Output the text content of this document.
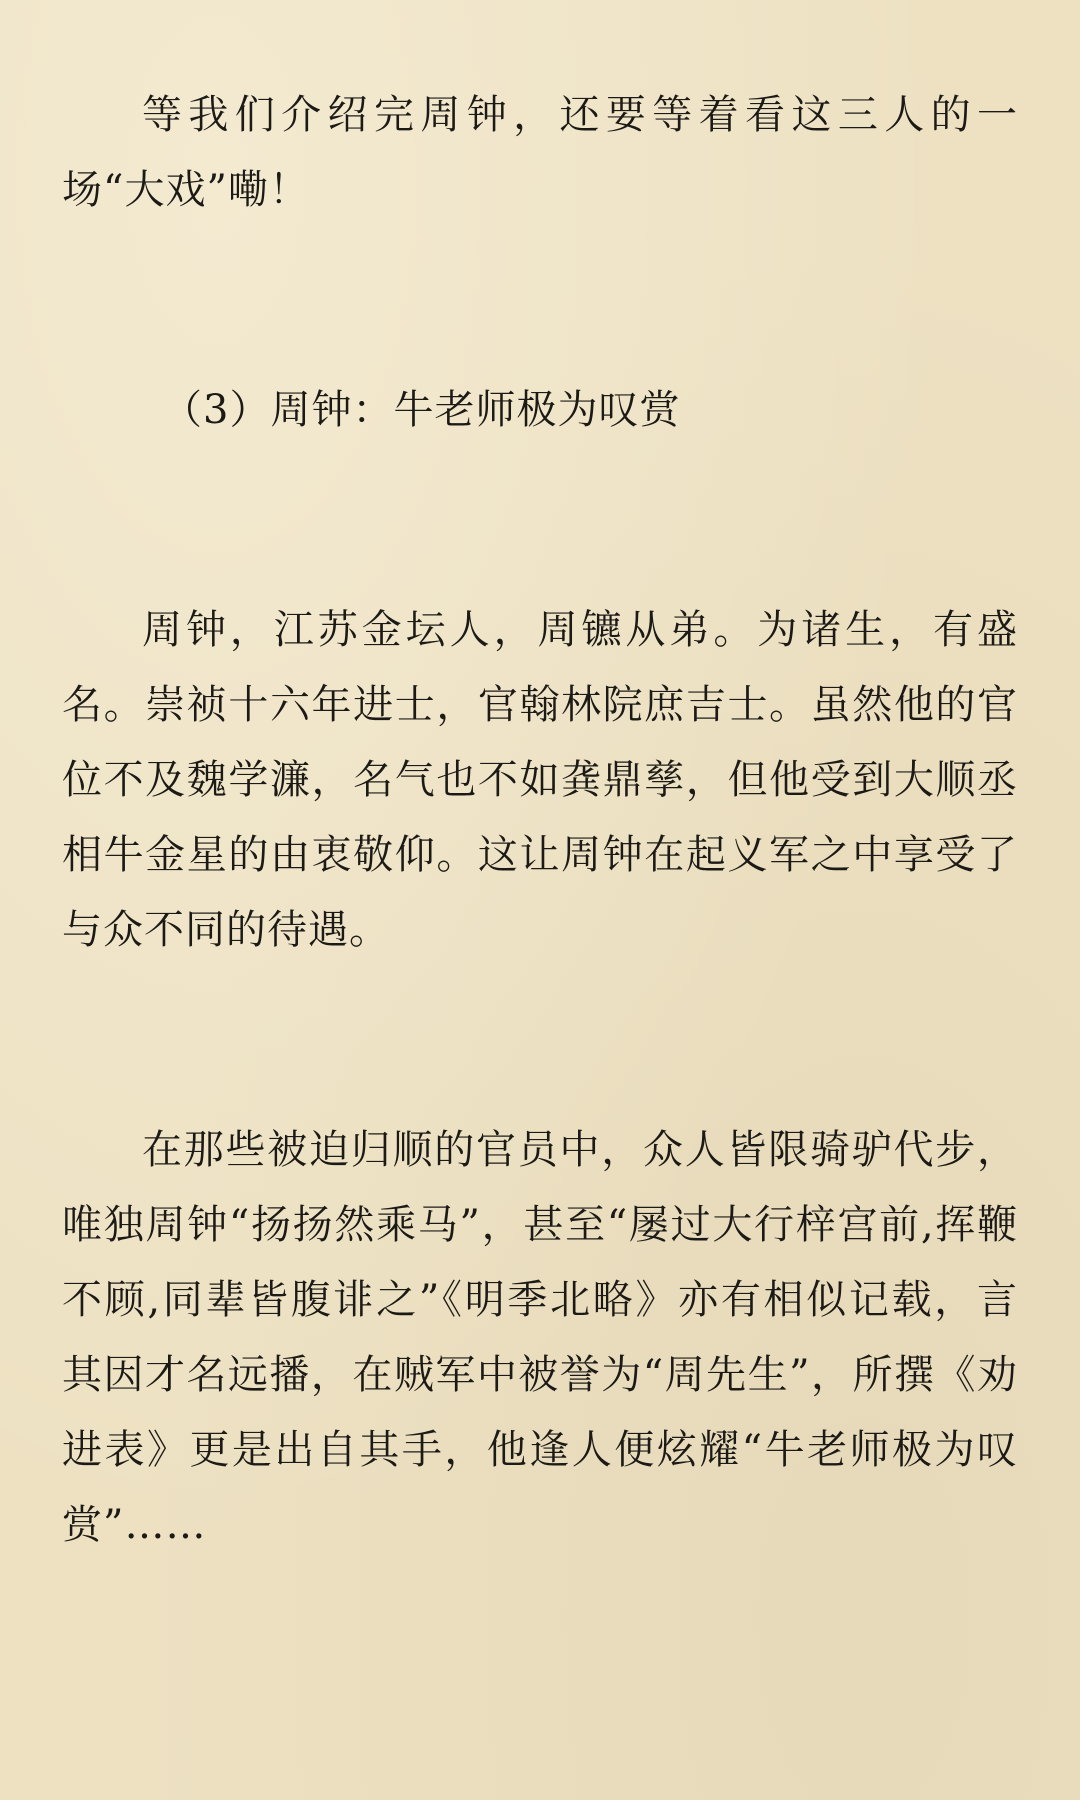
等我们介绍完周钟，还要等着看这三人的一场“大戏”嘞！

（3）周钟：牛老师极为叹赏

周钟，江苏金坛人，周镳从弟。为诸生，有盛名。崇祯十六年进士，官翰林院庶吉士。虽然他的官位不及魏学濂，名气也不如龚鼎孳，但他受到大顺丞相牛金星的由衷敬仰。这让周钟在起义军之中享受了与众不同的待遇。

在那些被迫归顺的官员中，众人皆限骑驴代步，唯独周钟“扬扬然乘马”，甚至“屡过大行梓宫前,挥鞭不顾,同辈皆腹诽之”《明季北略》亦有相似记载，言其因才名远播，在贼军中被誉为“周先生”，所撰《劝进表》更是出自其手，他逢人便炫耀“牛老师极为叹赏”……
